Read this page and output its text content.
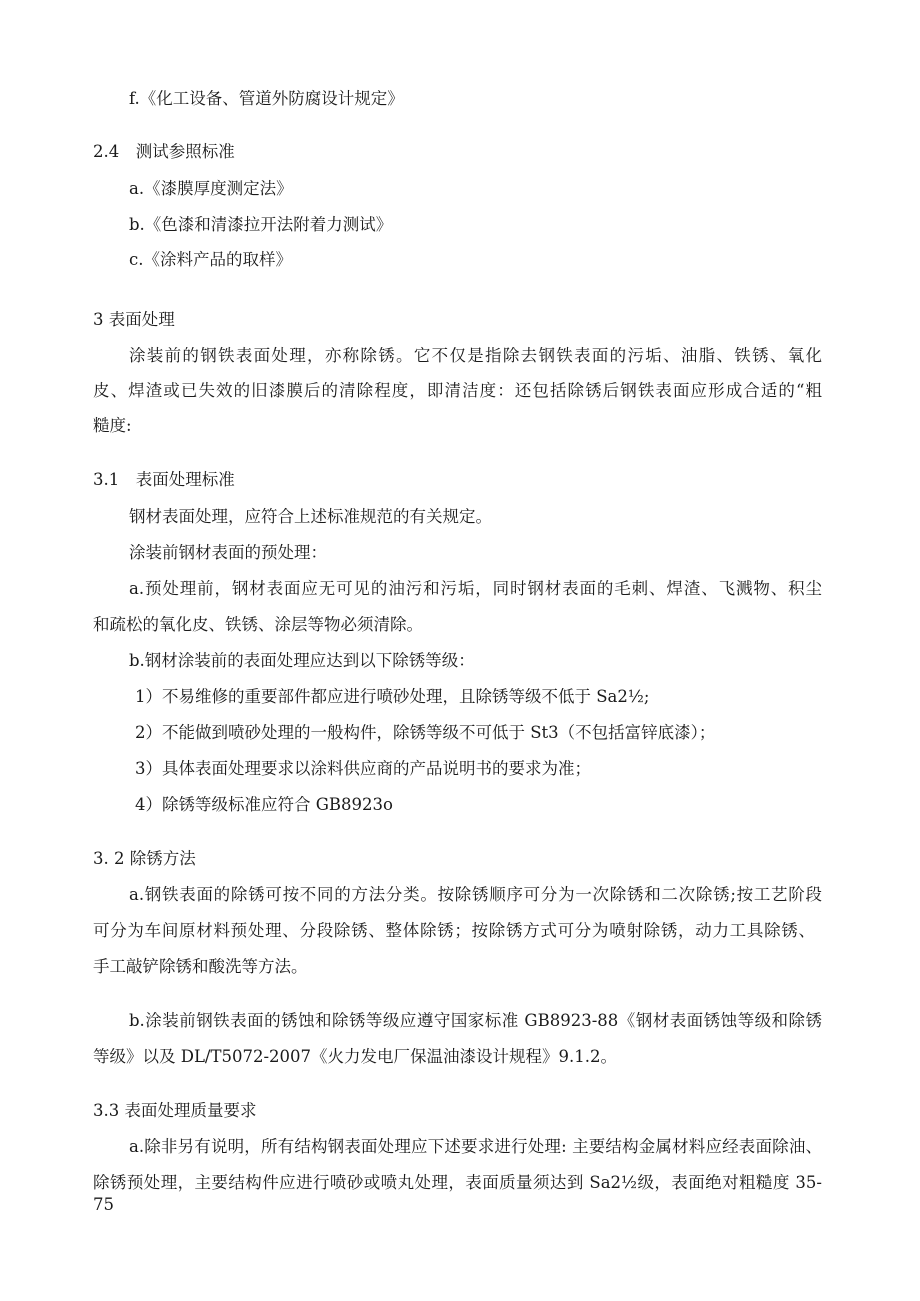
f.《化工设备、管道外防腐设计规定》
2.4　测试参照标准
a.《漆膜厚度测定法》
b.《色漆和清漆拉开法附着力测试》
c.《涂料产品的取样》
3 表面处理
涂装前的钢铁表面处理，亦称除锈。它不仅是指除去钢铁表面的污垢、油脂、铁锈、氧化
皮、焊渣或已失效的旧漆膜后的清除程度，即清洁度：还包括除锈后钢铁表面应形成合适的“粗
糙度:
3.1　表面处理标准
钢材表面处理，应符合上述标准规范的有关规定。
涂装前钢材表面的预处理：
a.预处理前，钢材表面应无可见的油污和污垢，同时钢材表面的毛刺、焊渣、飞溅物、积尘
和疏松的氧化皮、铁锈、涂层等物必须清除。
b.钢材涂装前的表面处理应达到以下除锈等级：
1）不易维修的重要部件都应进行喷砂处理，且除锈等级不低于 Sa2½;
2）不能做到喷砂处理的一般构件，除锈等级不可低于 St3（不包括富锌底漆）；
3）具体表面处理要求以涂料供应商的产品说明书的要求为准；
4）除锈等级标准应符合 GB8923o
3. 2 除锈方法
a.钢铁表面的除锈可按不同的方法分类。按除锈顺序可分为一次除锈和二次除锈;按工艺阶段
可分为车间原材料预处理、分段除锈、整体除锈；按除锈方式可分为喷射除锈，动力工具除锈、
手工敲铲除锈和酸洗等方法。
b.涂装前钢铁表面的锈蚀和除锈等级应遵守国家标准 GB8923-88《钢材表面锈蚀等级和除锈
等级》以及 DL/T5072-2007《火力发电厂保温油漆设计规程》9.1.2。
3.3 表面处理质量要求
a.除非另有说明，所有结构钢表面处理应下述要求进行处理: 主要结构金属材料应经表面除油、
除锈预处理，主要结构件应进行喷砂或喷丸处理，表面质量须达到 Sa2½级，表面绝对粗糙度 35-75
